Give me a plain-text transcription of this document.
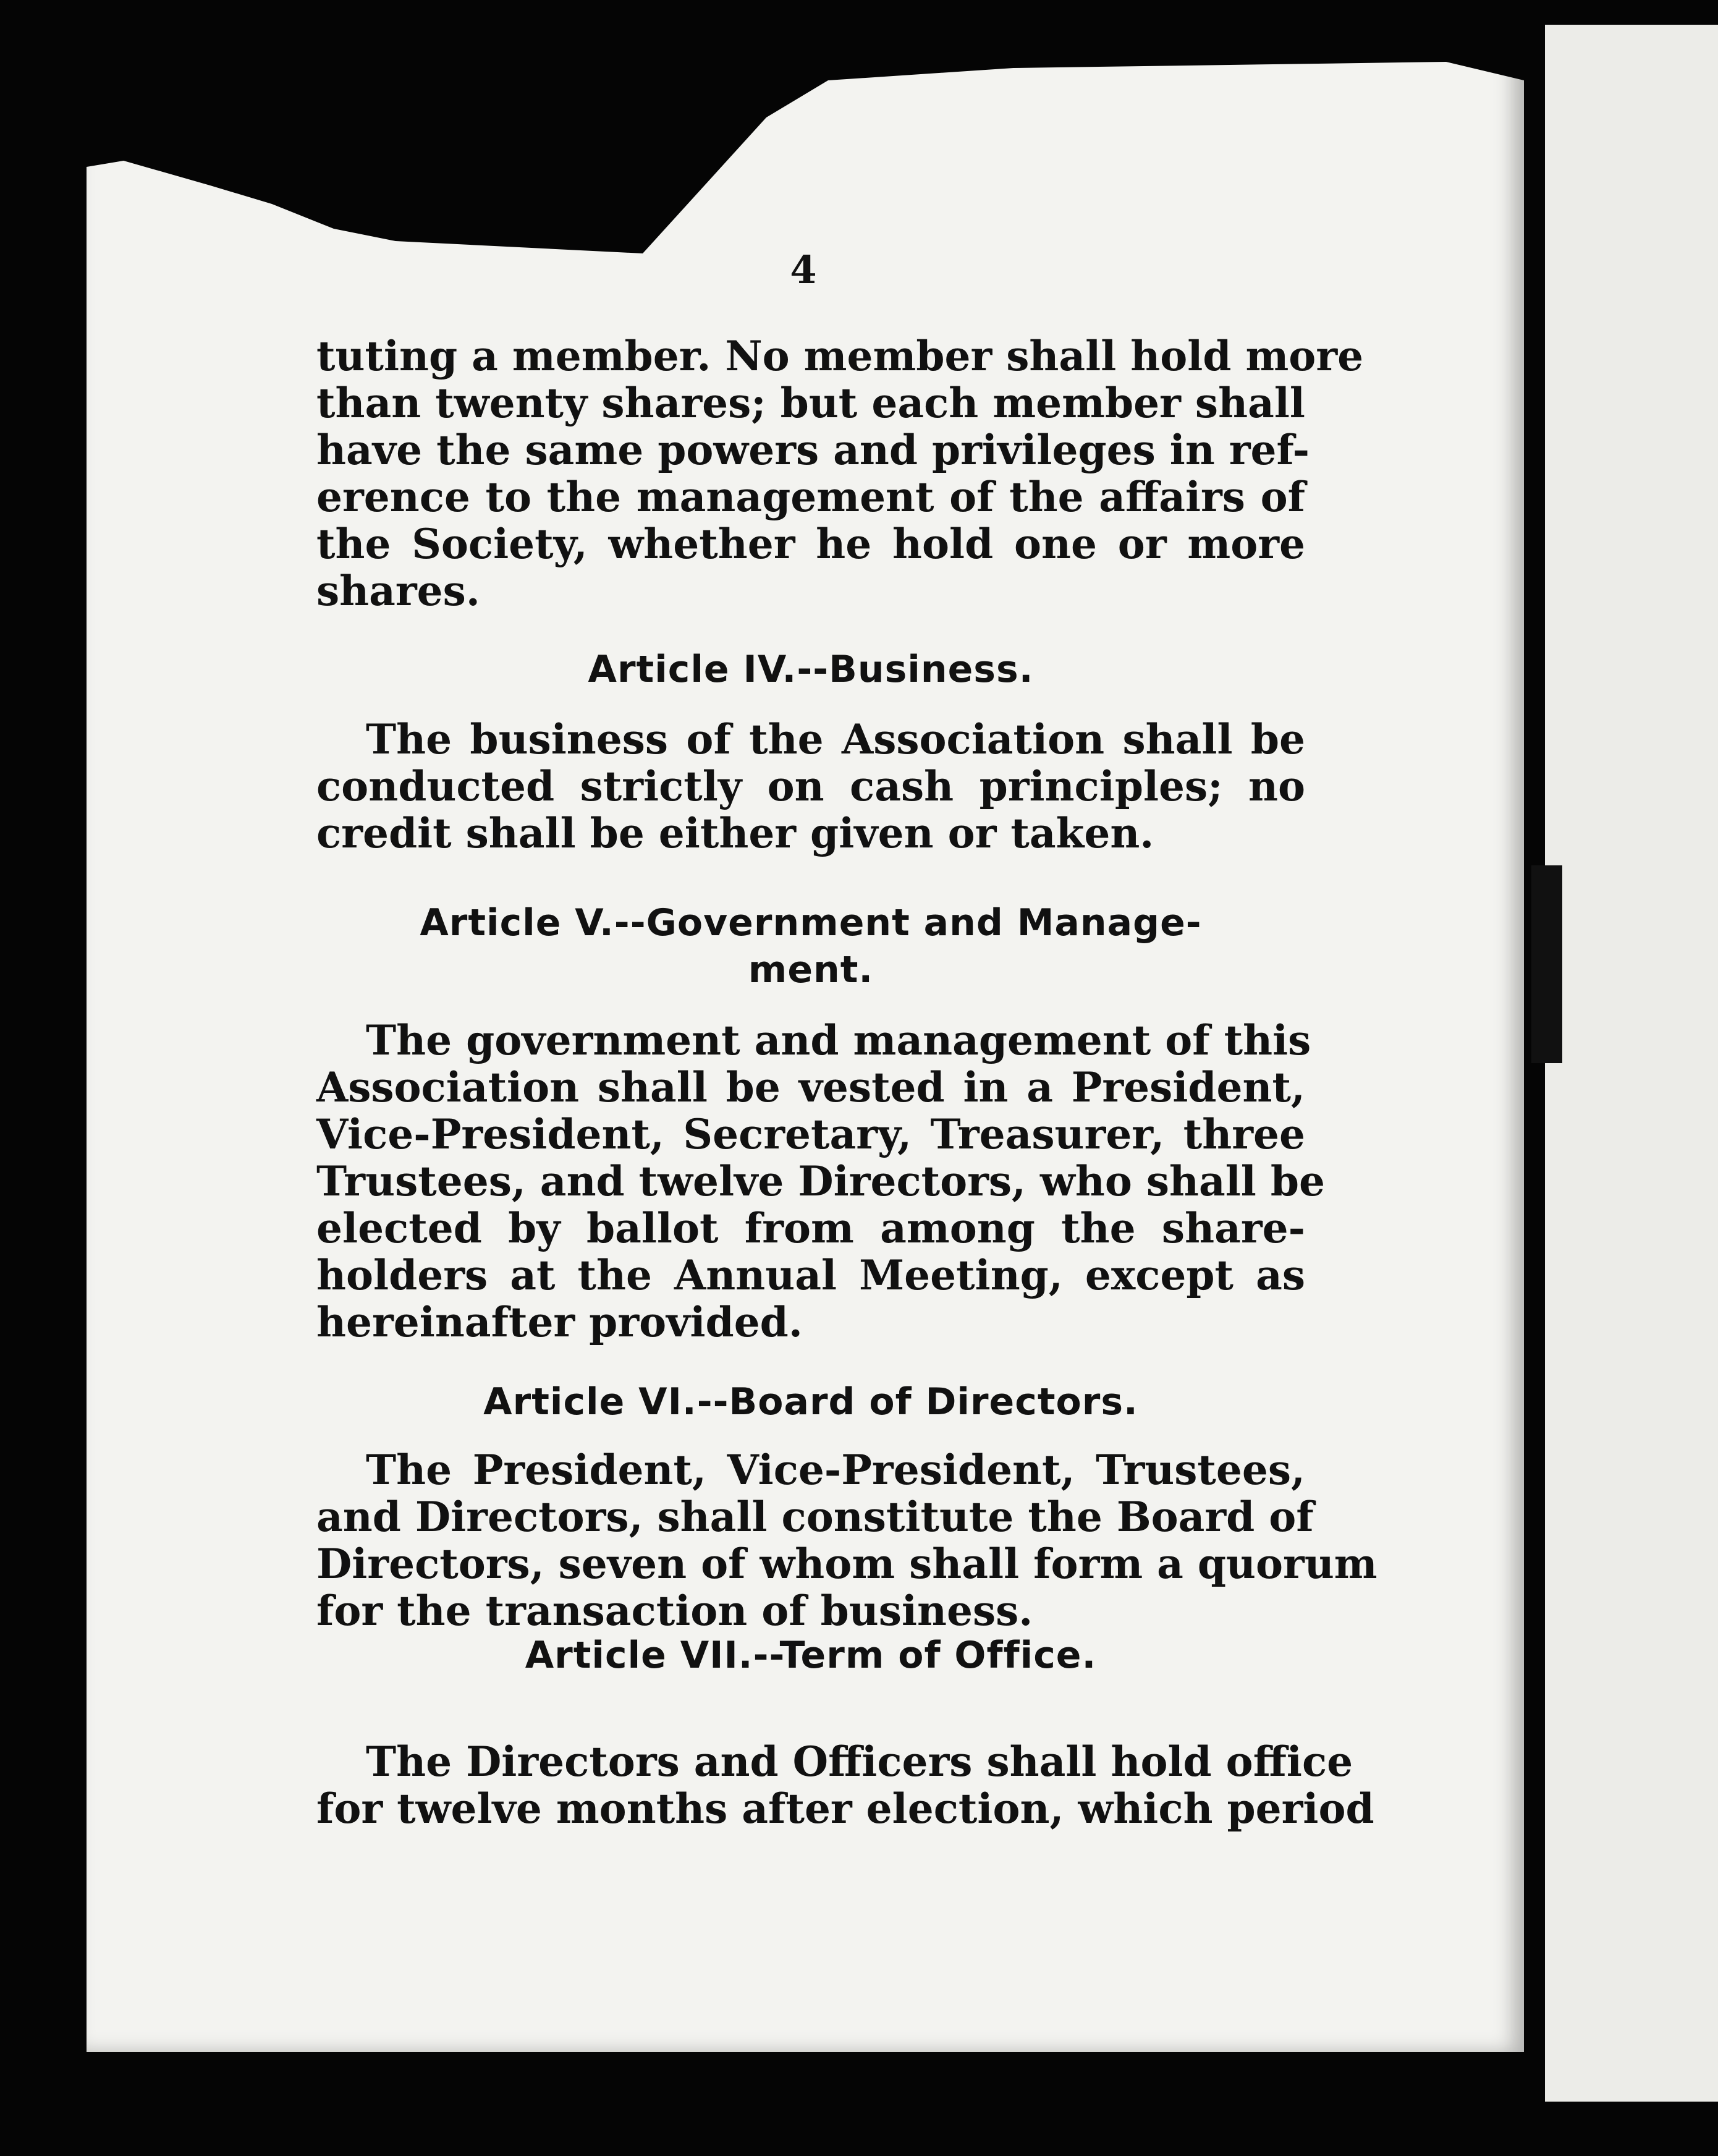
4
tuting a member. No member shall hold more
than twenty shares; but each member shall
have the same powers and privileges in ref-
erence to the management of the affairs of
the Society, whether he hold one or more
shares.
Article IV.--Business.
The business of the Association shall be
conducted strictly on cash principles; no
credit shall be either given or taken.
Article V.--Government and Manage-
ment.
The government and management of this
Association shall be vested in a President,
Vice-President, Secretary, Treasurer, three
Trustees, and twelve Directors, who shall be
elected by ballot from among the share-
holders at the Annual Meeting, except as
hereinafter provided.
Article VI.--Board of Directors.
The President, Vice-President, Trustees,
and Directors, shall constitute the Board of
Directors, seven of whom shall form a quorum
for the transaction of business.
Article VII.--Term of Office.
The Directors and Officers shall hold office
for twelve months after election, which period
